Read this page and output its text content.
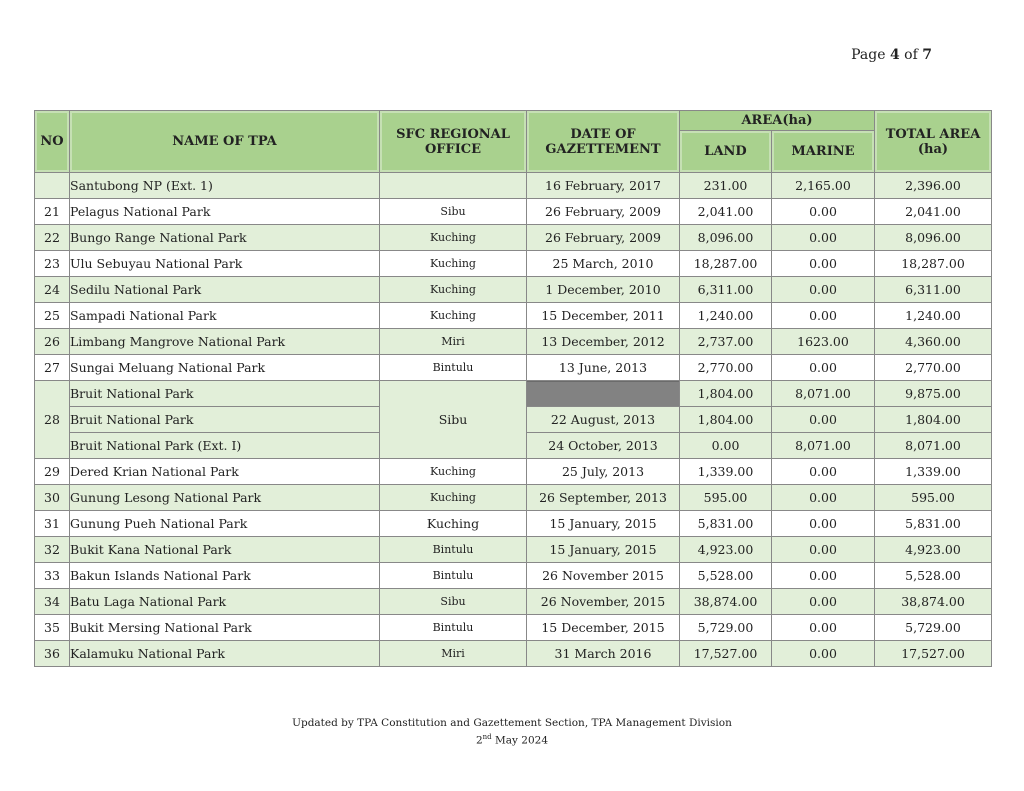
Page 4 of 7
NO	NAME OF TPA	SFC REGIONAL OFFICE	DATE OF GAZETTEMENT	AREA(ha)		TOTAL AREA (ha)
				LAND	MARINE	
	Santubong NP (Ext. 1)		16 February, 2017	231.00	2,165.00	2,396.00
21	Pelagus National Park	Sibu	26 February, 2009	2,041.00	0.00	2,041.00
22	Bungo Range National Park	Kuching	26 February, 2009	8,096.00	0.00	8,096.00
23	Ulu Sebuyau National Park	Kuching	25 March, 2010	18,287.00	0.00	18,287.00
24	Sedilu National Park	Kuching	1 December, 2010	6,311.00	0.00	6,311.00
25	Sampadi National Park	Kuching	15 December, 2011	1,240.00	0.00	1,240.00
26	Limbang Mangrove National Park	Miri	13 December, 2012	2,737.00	1623.00	4,360.00
27	Sungai Meluang National Park	Bintulu	13 June, 2013	2,770.00	0.00	2,770.00
28	Bruit National Park	Sibu		1,804.00	8,071.00	9,875.00
	Bruit National Park		22 August, 2013	1,804.00	0.00	1,804.00
	Bruit National Park (Ext. I)		24 October, 2013	0.00	8,071.00	8,071.00
29	Dered Krian National Park	Kuching	25 July, 2013	1,339.00	0.00	1,339.00
30	Gunung Lesong National Park	Kuching	26 September, 2013	595.00	0.00	595.00
31	Gunung Pueh National Park	Kuching	15 January, 2015	5,831.00	0.00	5,831.00
32	Bukit Kana National Park	Bintulu	15 January, 2015	4,923.00	0.00	4,923.00
33	Bakun Islands National Park	Bintulu	26 November 2015	5,528.00	0.00	5,528.00
34	Batu Laga National Park	Sibu	26 November, 2015	38,874.00	0.00	38,874.00
35	Bukit Mersing National Park	Bintulu	15 December, 2015	5,729.00	0.00	5,729.00
36	Kalamuku National Park	Miri	31 March 2016	17,527.00	0.00	17,527.00
Updated by TPA Constitution and Gazettement Section, TPA Management Division
2nd May 2024
